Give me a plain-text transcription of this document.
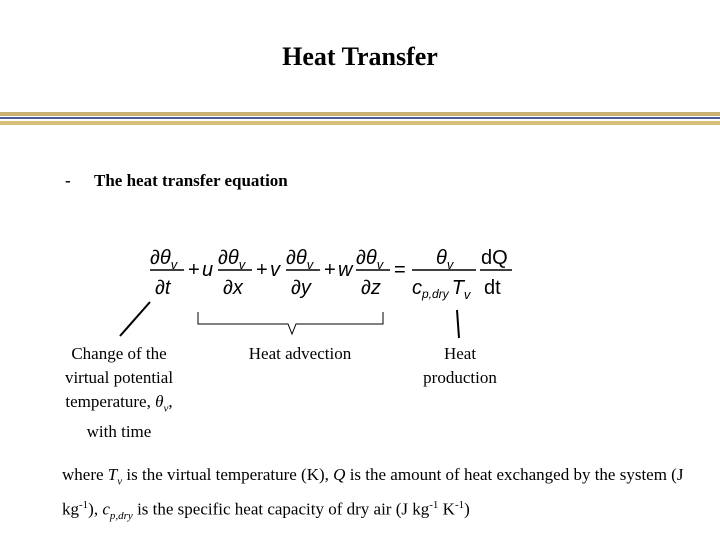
Heat Transfer
- The heat transfer equation
$\partial\theta_v$
∂t
+ u
$\partial\theta_v$
∂x
+ v
$\partial\theta_v$
∂y
+ w
$\partial\theta_v$
∂z
=
$\theta_v$
$c_{p,dry}$ $T_v$
dQ
dt
Change of the
virtual potential
temperature, $\theta_v$,
with time
Heat advection	Heat
production
where $T_v$ is the virtual temperature (K), Q is the amount of heat exchanged by the system (J $kg^{-1}$), $c_{p,dry}$ is the specific heat capacity of dry air (J $kg^{-1}$ $K^{-1}$)
